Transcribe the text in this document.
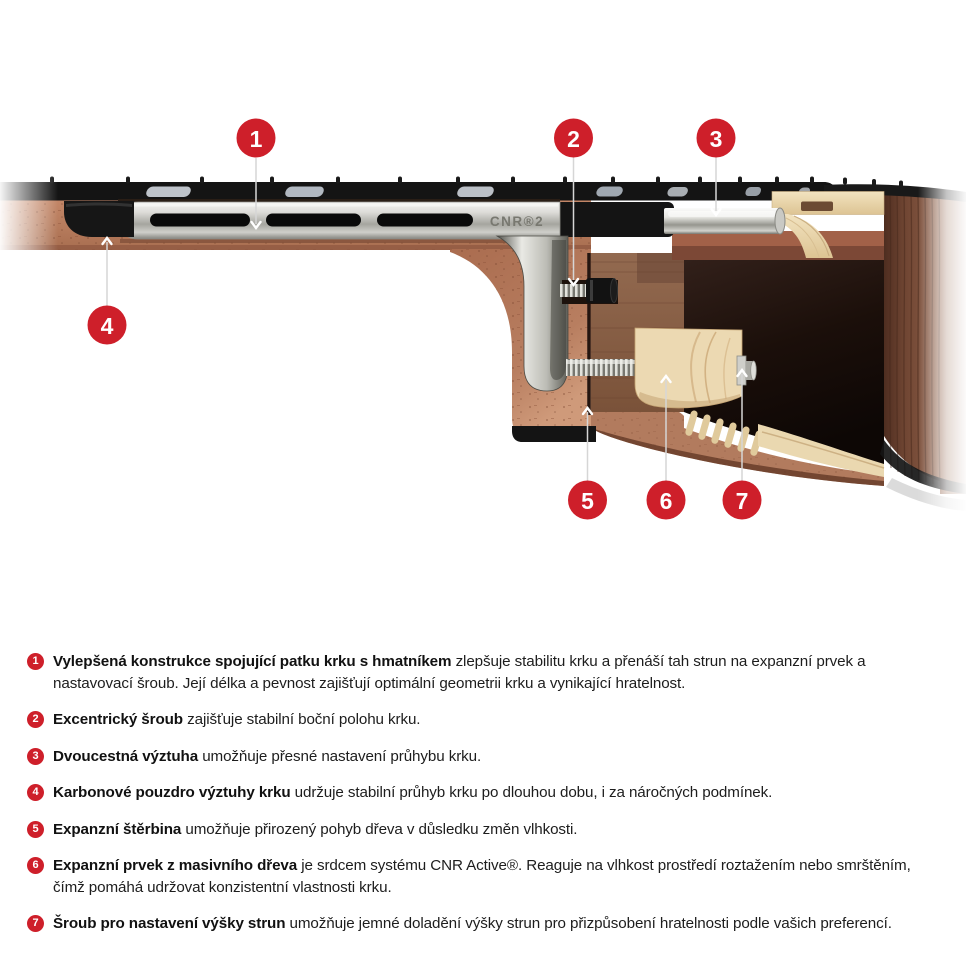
CNR®2
1	2	3
4
5	6	7
1 Vylepšená konstrukce spojující patku krku s hmatníkem zlepšuje stabilitu krku a přenáší tah strun na expanzní prvek a nastavovací šroub. Její délka a pevnost zajišťují optimální geometrii krku a vynikající hratelnost.

2 Excentrický šroub zajišťuje stabilní boční polohu krku.

3 Dvoucestná výztuha umožňuje přesné nastavení průhybu krku.

4 Karbonové pouzdro výztuhy krku udržuje stabilní průhyb krku po dlouhou dobu, i za náročných podmínek.

5 Expanzní štěrbina umožňuje přirozený pohyb dřeva v důsledku změn vlhkosti.

6 Expanzní prvek z masivního dřeva je srdcem systému CNR Active®. Reaguje na vlhkost prostředí roztažením nebo smrštěním, čímž pomáhá udržovat konzistentní vlastnosti krku.

7 Šroub pro nastavení výšky strun umožňuje jemné doladění výšky strun pro přizpůsobení hratelnosti podle vašich preferencí.
